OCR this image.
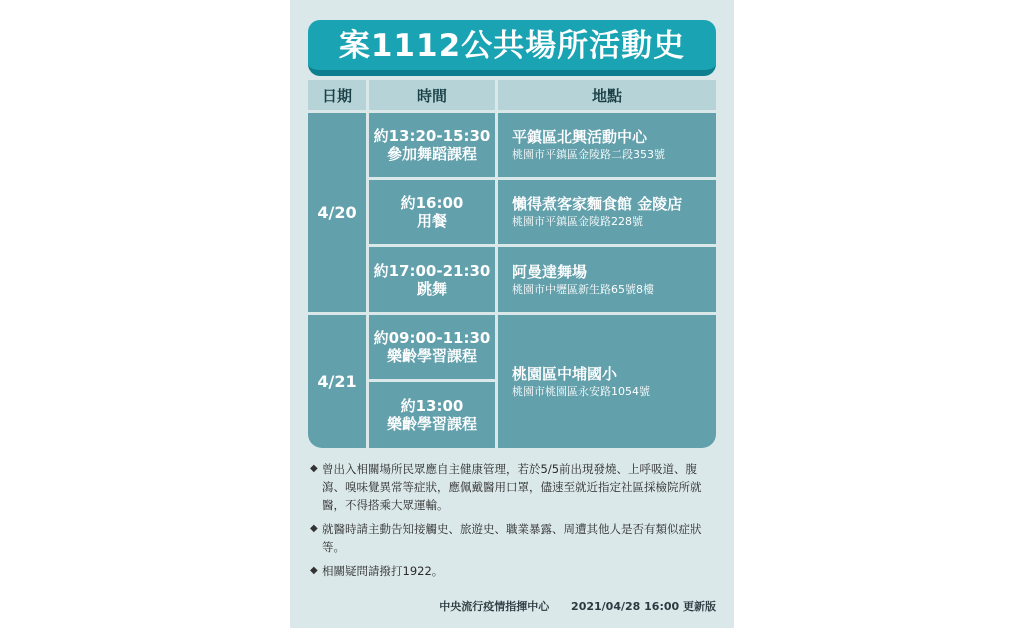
案1112公共場所活動史
日期	時間	地點
4/20
4/21
約13:20-15:30
參加舞蹈課程
約16:00
用餐
約17:00-21:30
跳舞
平鎮區北興活動中心
桃園市平鎮區金陵路二段353號
懶得煮客家麵食館 金陵店
桃園市平鎮區金陵路228號
阿曼達舞場
桃園市中壢區新生路65號8樓
約09:00-11:30
樂齡學習課程
約13:00
樂齡學習課程
桃園區中埔國小
桃園市桃園區永安路1054號
◆ 曾出入相關場所民眾應自主健康管理，若於5/5前出現發燒、上呼吸道、腹瀉、嗅味覺異常等症狀，應佩戴醫用口罩，儘速至就近指定社區採檢院所就醫，不得搭乘大眾運輸。
◆ 就醫時請主動告知接觸史、旅遊史、職業暴露、周遭其他人是否有類似症狀等。
◆ 相關疑問請撥打1922。
中央流行疫情指揮中心 2021/04/28 16:00 更新版
